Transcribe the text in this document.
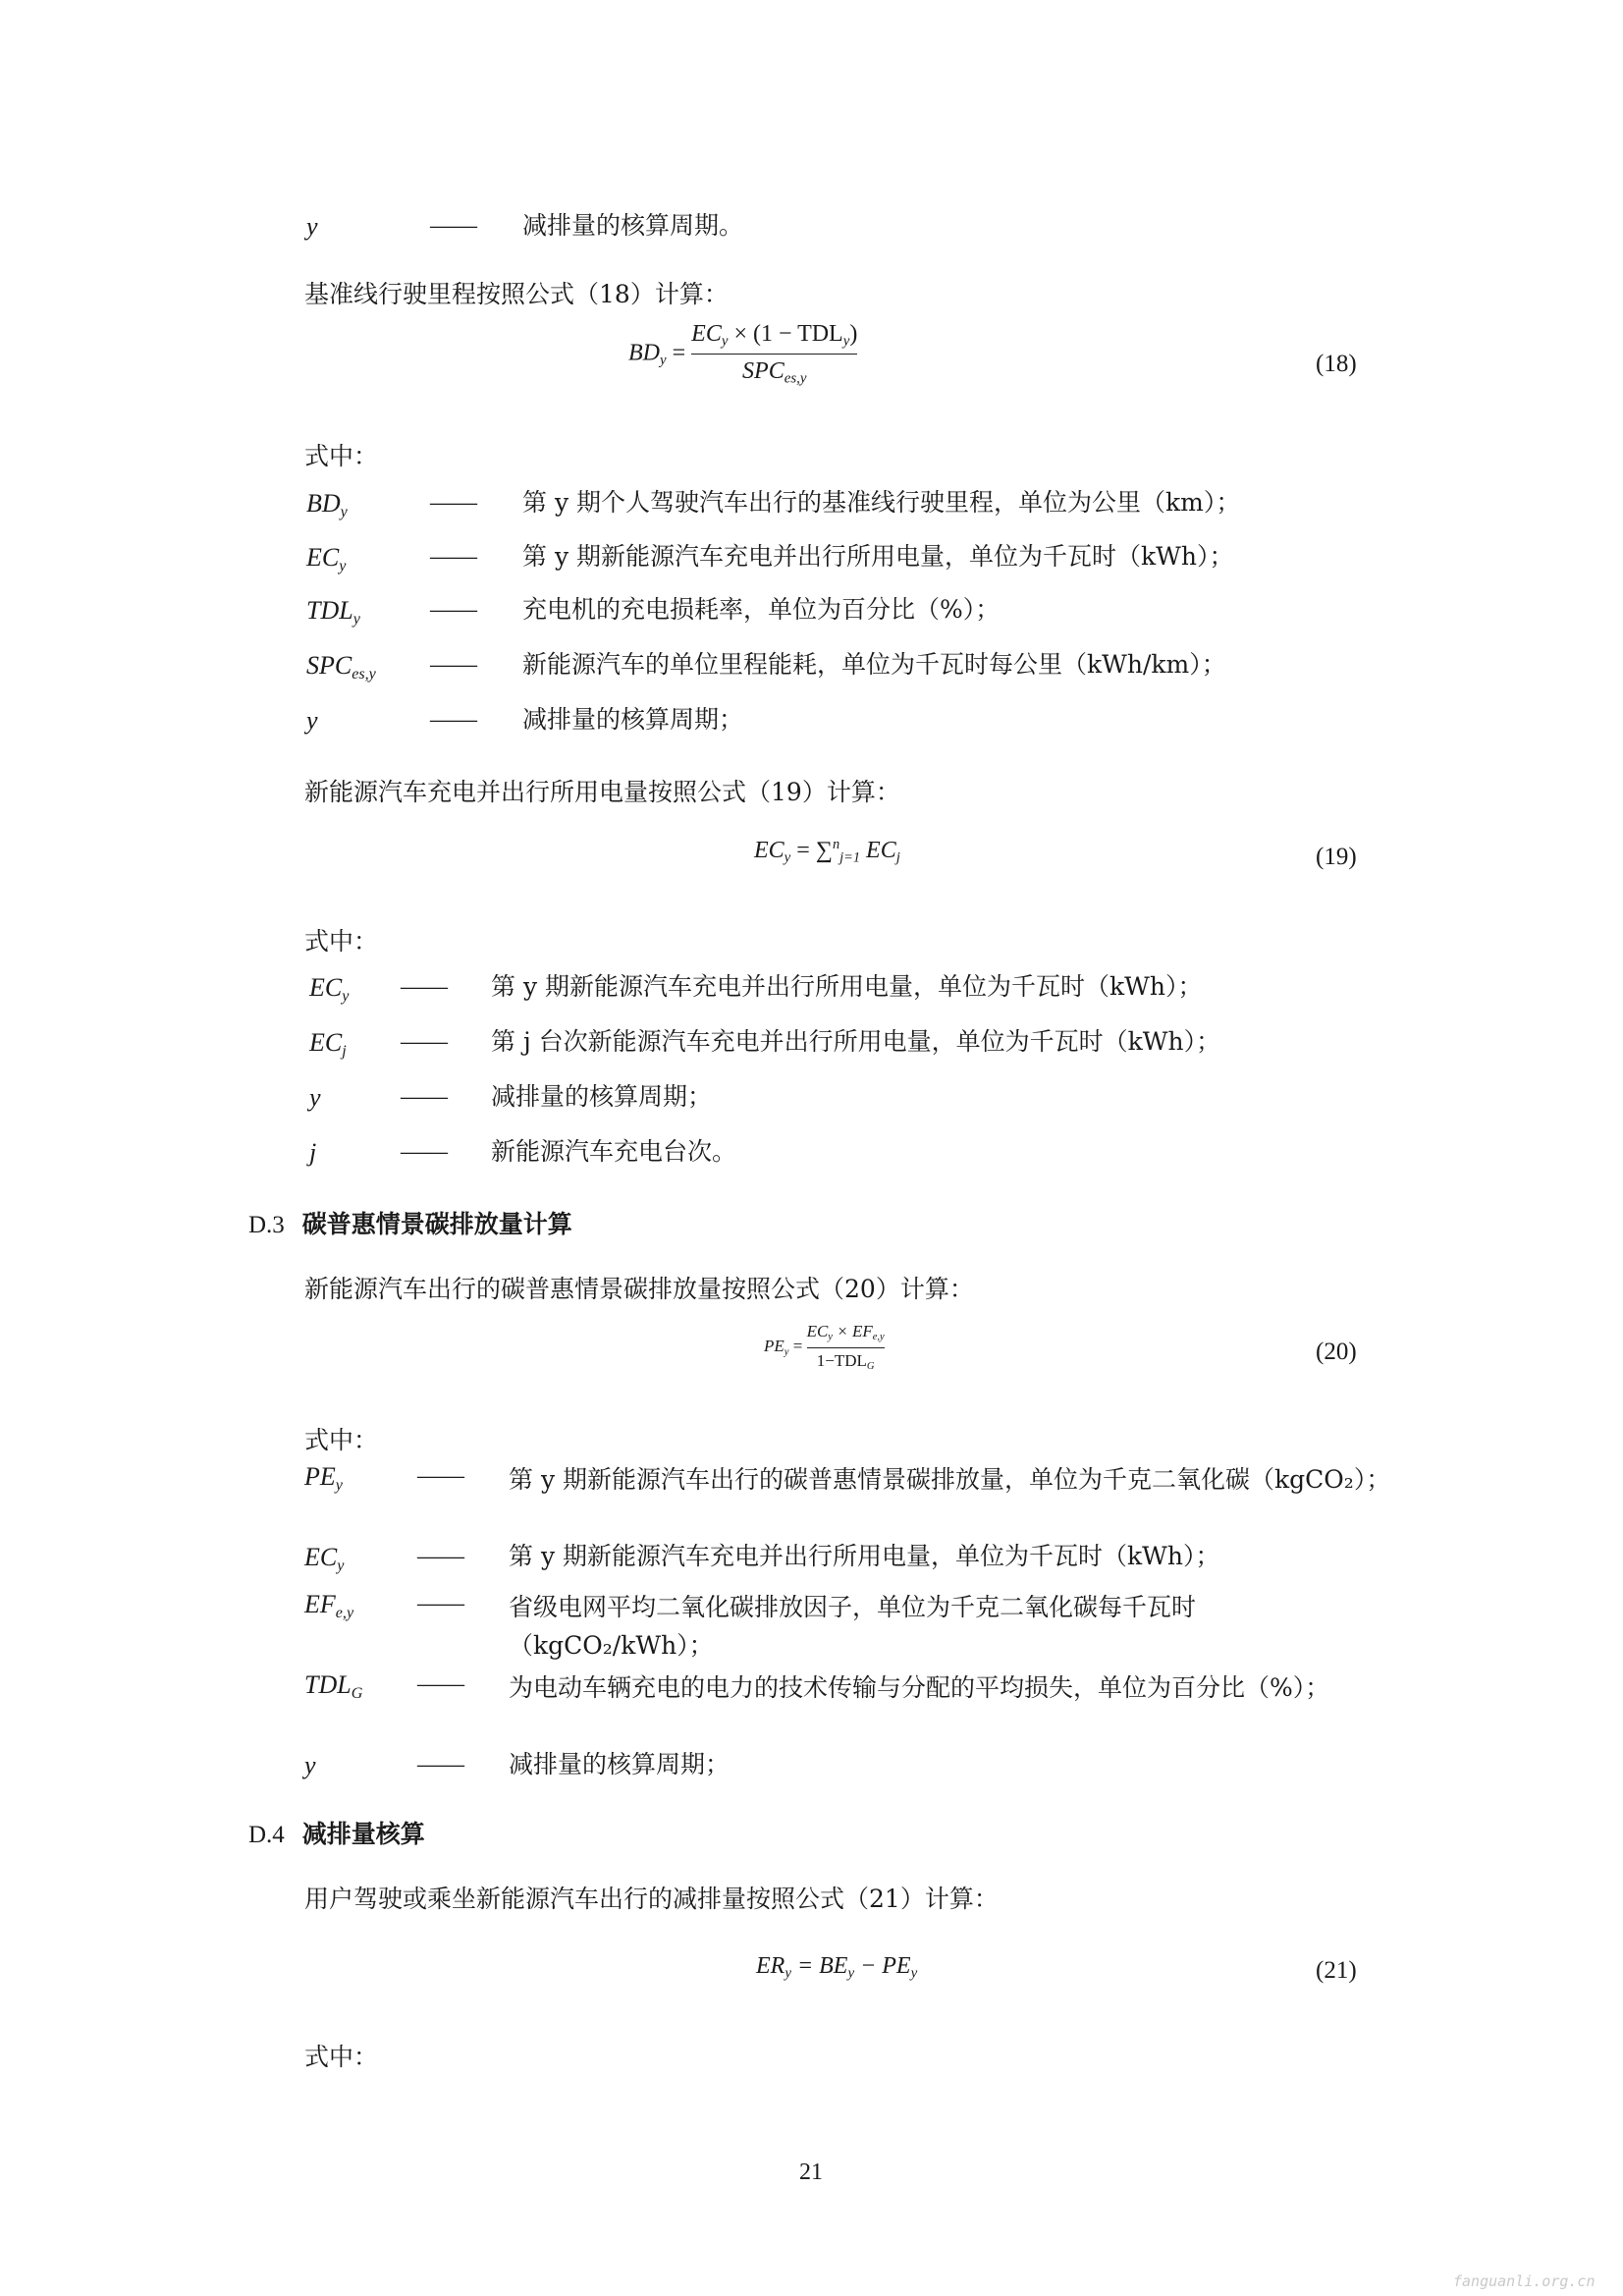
y	—— 减排量的核算周期。
基准线行驶里程按照公式（18）计算：
$BD_y = \frac{EC_y \times (1 - TDL_y)}{SPC_{es,y}}$	(18)
式中：
$BD_y$	—— 第 y 期个人驾驶汽车出行的基准线行驶里程，单位为公里（km）；
$EC_y$	—— 第 y 期新能源汽车充电并出行所用电量，单位为千瓦时（kWh）；
$TDL_y$	—— 充电机的充电损耗率，单位为百分比（%）；
$SPC_{es,y}$ —— 新能源汽车的单位里程能耗，单位为千瓦时每公里（kWh/km）；
y	—— 减排量的核算周期；
新能源汽车充电并出行所用电量按照公式（19）计算：
$EC_y = \sum^n_{j=1}$ $EC_j$	(19)
式中：
$EC_y$ —— 第 y 期新能源汽车充电并出行所用电量，单位为千瓦时（kWh）；
$EC_j$ —— 第 j 台次新能源汽车充电并出行所用电量，单位为千瓦时（kWh）；
y	—— 减排量的核算周期；
j	—— 新能源汽车充电台次。
D.3 碳普惠情景碳排放量计算
新能源汽车出行的碳普惠情景碳排放量按照公式（20）计算：
$PE_y = \frac{EC_y \times EF_{e,y}}{1-TDL_G}$	(20)
式中：
$PE_y$	—— 第 y 期新能源汽车出行的碳普惠情景碳排放量，单位为千克二氧化碳（kgCO₂）；
$EC_y$	—— 第 y 期新能源汽车充电并出行所用电量，单位为千瓦时（kWh）；
$EF_{e,y}$	—— 省级电网平均二氧化碳排放因子，单位为千克二氧化碳每千瓦时（kgCO₂/kWh）；
$TDL_G$ —— 为电动车辆充电的电力的技术传输与分配的平均损失，单位为百分比（%）；
y	—— 减排量的核算周期；
D.4 减排量核算
用户驾驶或乘坐新能源汽车出行的减排量按照公式（21）计算：
$ER_y = BE_y - PE_y$	(21)
式中：
21
fanguanli.org.cn
